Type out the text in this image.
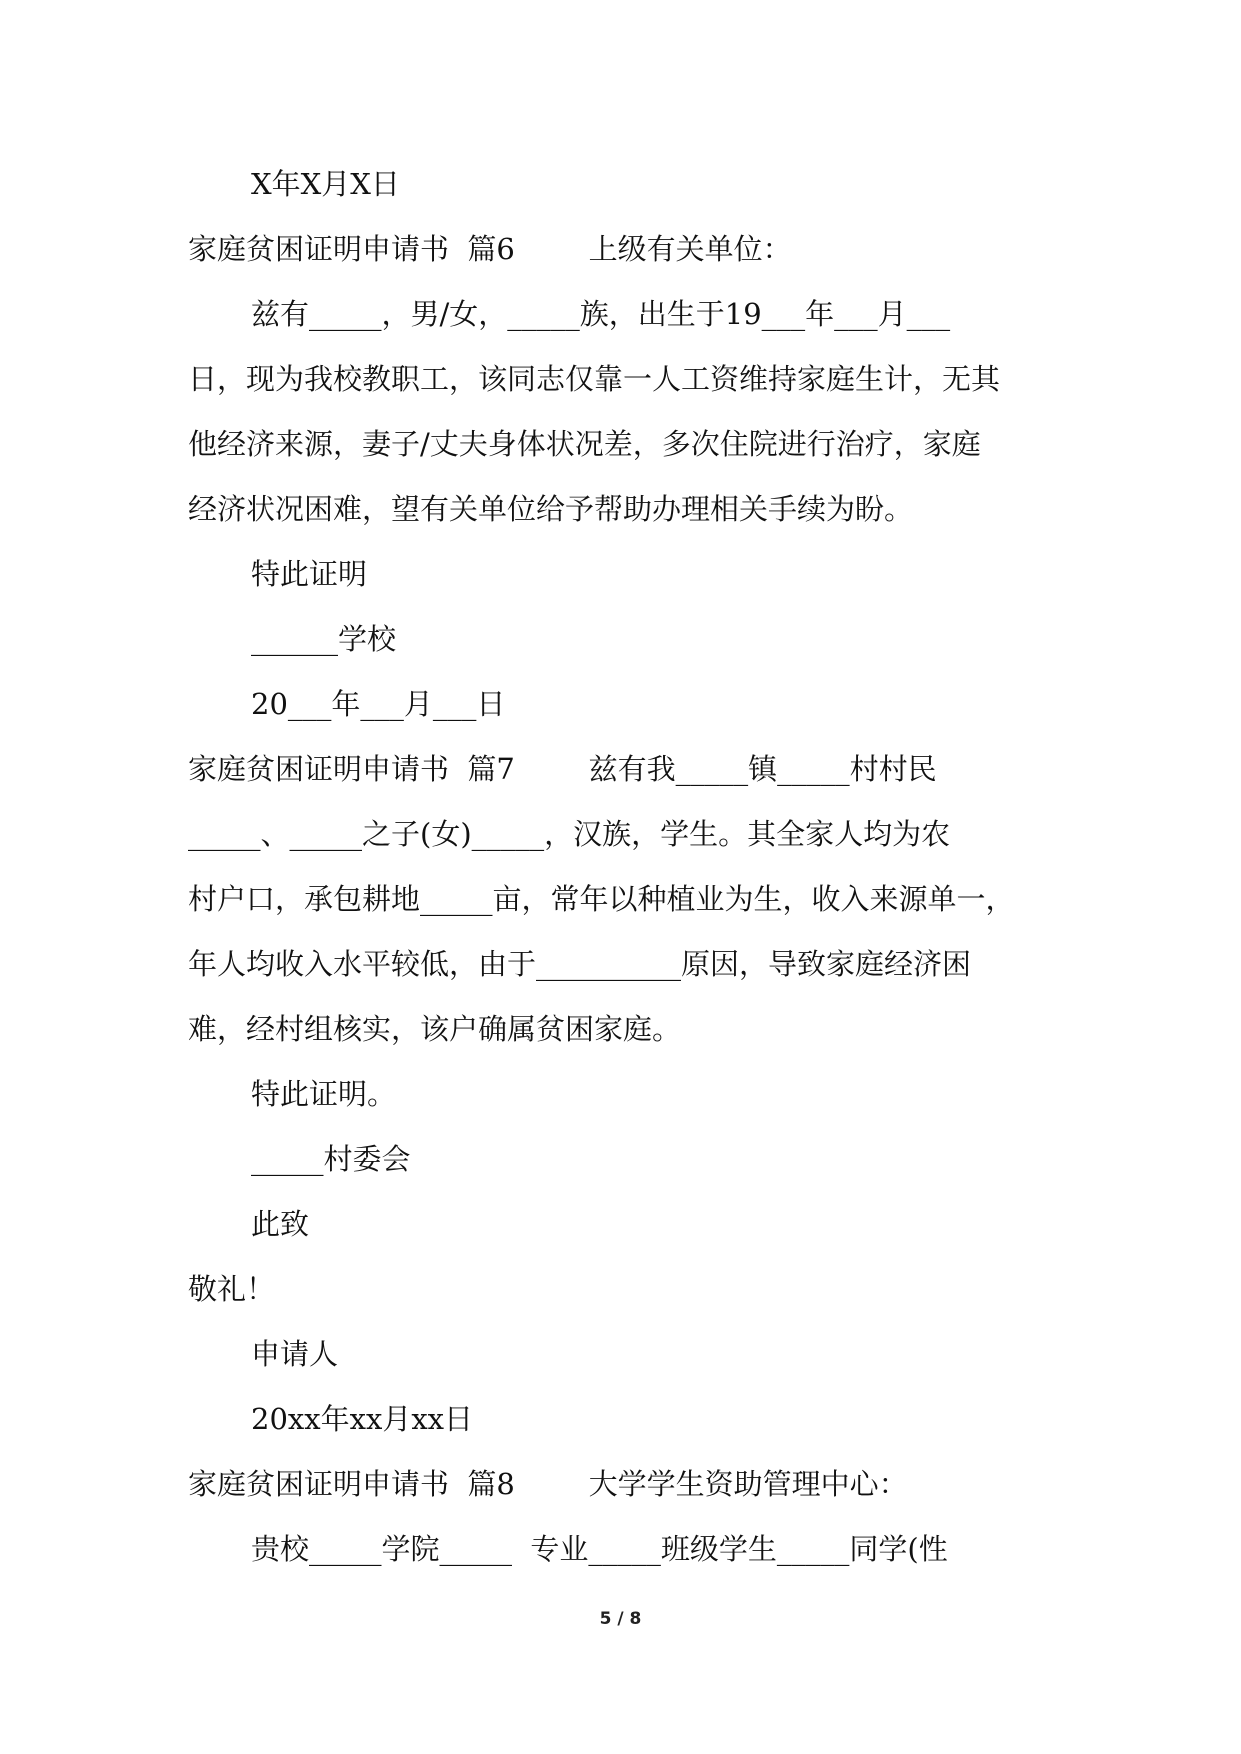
X年X月X日
家庭贫困证明申请书  篇6        上级有关单位：
兹有_____，男/女，_____族，出生于19___年___月___
日，现为我校教职工，该同志仅靠一人工资维持家庭生计，无其
他经济来源，妻子/丈夫身体状况差，多次住院进行治疗，家庭
经济状况困难，望有关单位给予帮助办理相关手续为盼。
特此证明
______学校
20___年___月___日
家庭贫困证明申请书  篇7        兹有我_____镇_____村村民
_____、_____之子(女)_____，汉族，学生。其全家人均为农
村户口，承包耕地_____亩，常年以种植业为生，收入来源单一，
年人均收入水平较低，由于__________原因，导致家庭经济困
难，经村组核实，该户确属贫困家庭。
特此证明。
_____村委会
此致
敬礼！
申请人
20xx年xx月xx日
家庭贫困证明申请书  篇8        大学学生资助管理中心：
贵校_____学院_____  专业_____班级学生_____同学(性
5 / 8
